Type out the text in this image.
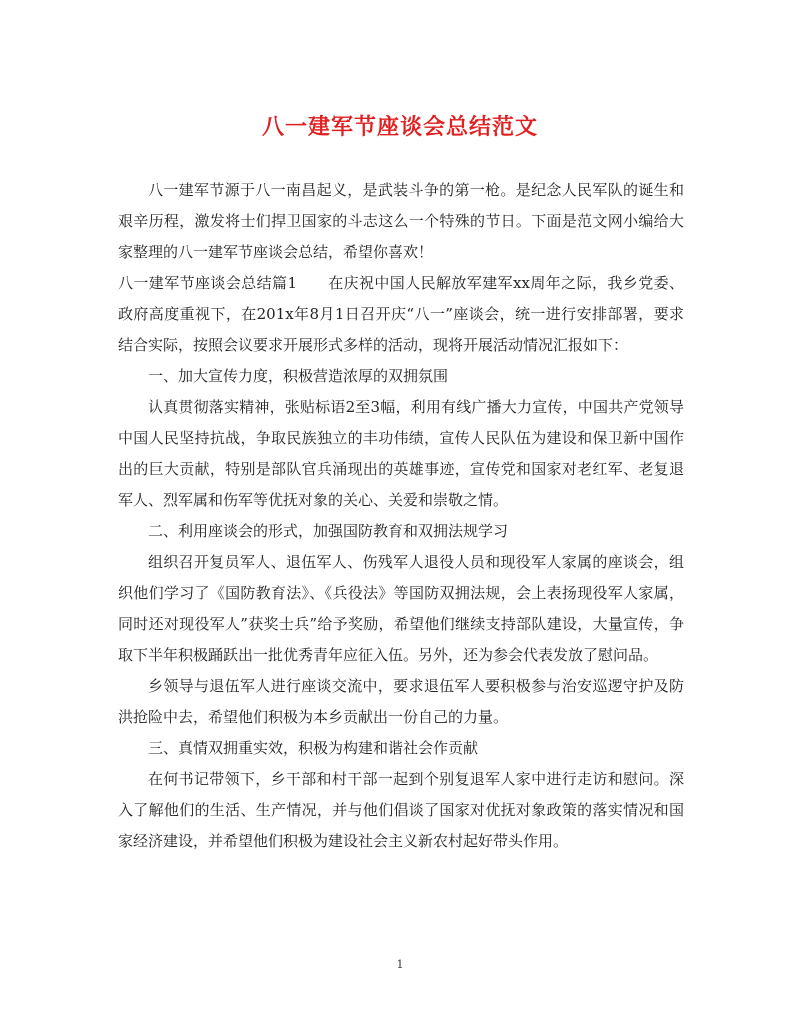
八一建军节座谈会总结范文

八一建军节源于八一南昌起义，是武装斗争的第一枪。是纪念人民军队的诞生和艰辛历程，激发将士们捍卫国家的斗志这么一个特殊的节日。下面是范文网小编给大家整理的八一建军节座谈会总结，希望你喜欢！

八一建军节座谈会总结篇1　　在庆祝中国人民解放军建军xx周年之际，我乡党委、政府高度重视下，在201x年8月1日召开庆“八一”座谈会，统一进行安排部署，要求结合实际，按照会议要求开展形式多样的活动，现将开展活动情况汇报如下：

一、加大宣传力度，积极营造浓厚的双拥氛围

认真贯彻落实精神，张贴标语2至3幅，利用有线广播大力宣传，中国共产党领导中国人民坚持抗战，争取民族独立的丰功伟绩，宣传人民队伍为建设和保卫新中国作出的巨大贡献，特别是部队官兵涌现出的英雄事迹，宣传党和国家对老红军、老复退军人、烈军属和伤军等优抚对象的关心、关爱和崇敬之情。

二、利用座谈会的形式，加强国防教育和双拥法规学习

组织召开复员军人、退伍军人、伤残军人退役人员和现役军人家属的座谈会，组织他们学习了《国防教育法》、《兵役法》等国防双拥法规，会上表扬现役军人家属，同时还对现役军人”获奖士兵”给予奖励，希望他们继续支持部队建设，大量宣传，争取下半年积极踊跃出一批优秀青年应征入伍。另外，还为参会代表发放了慰问品。

乡领导与退伍军人进行座谈交流中，要求退伍军人要积极参与治安巡逻守护及防洪抢险中去，希望他们积极为本乡贡献出一份自己的力量。

三、真情双拥重实效，积极为构建和谐社会作贡献

在何书记带领下，乡干部和村干部一起到个别复退军人家中进行走访和慰问。深入了解他们的生活、生产情况，并与他们倡谈了国家对优抚对象政策的落实情况和国家经济建设，并希望他们积极为建设社会主义新农村起好带头作用。

1
